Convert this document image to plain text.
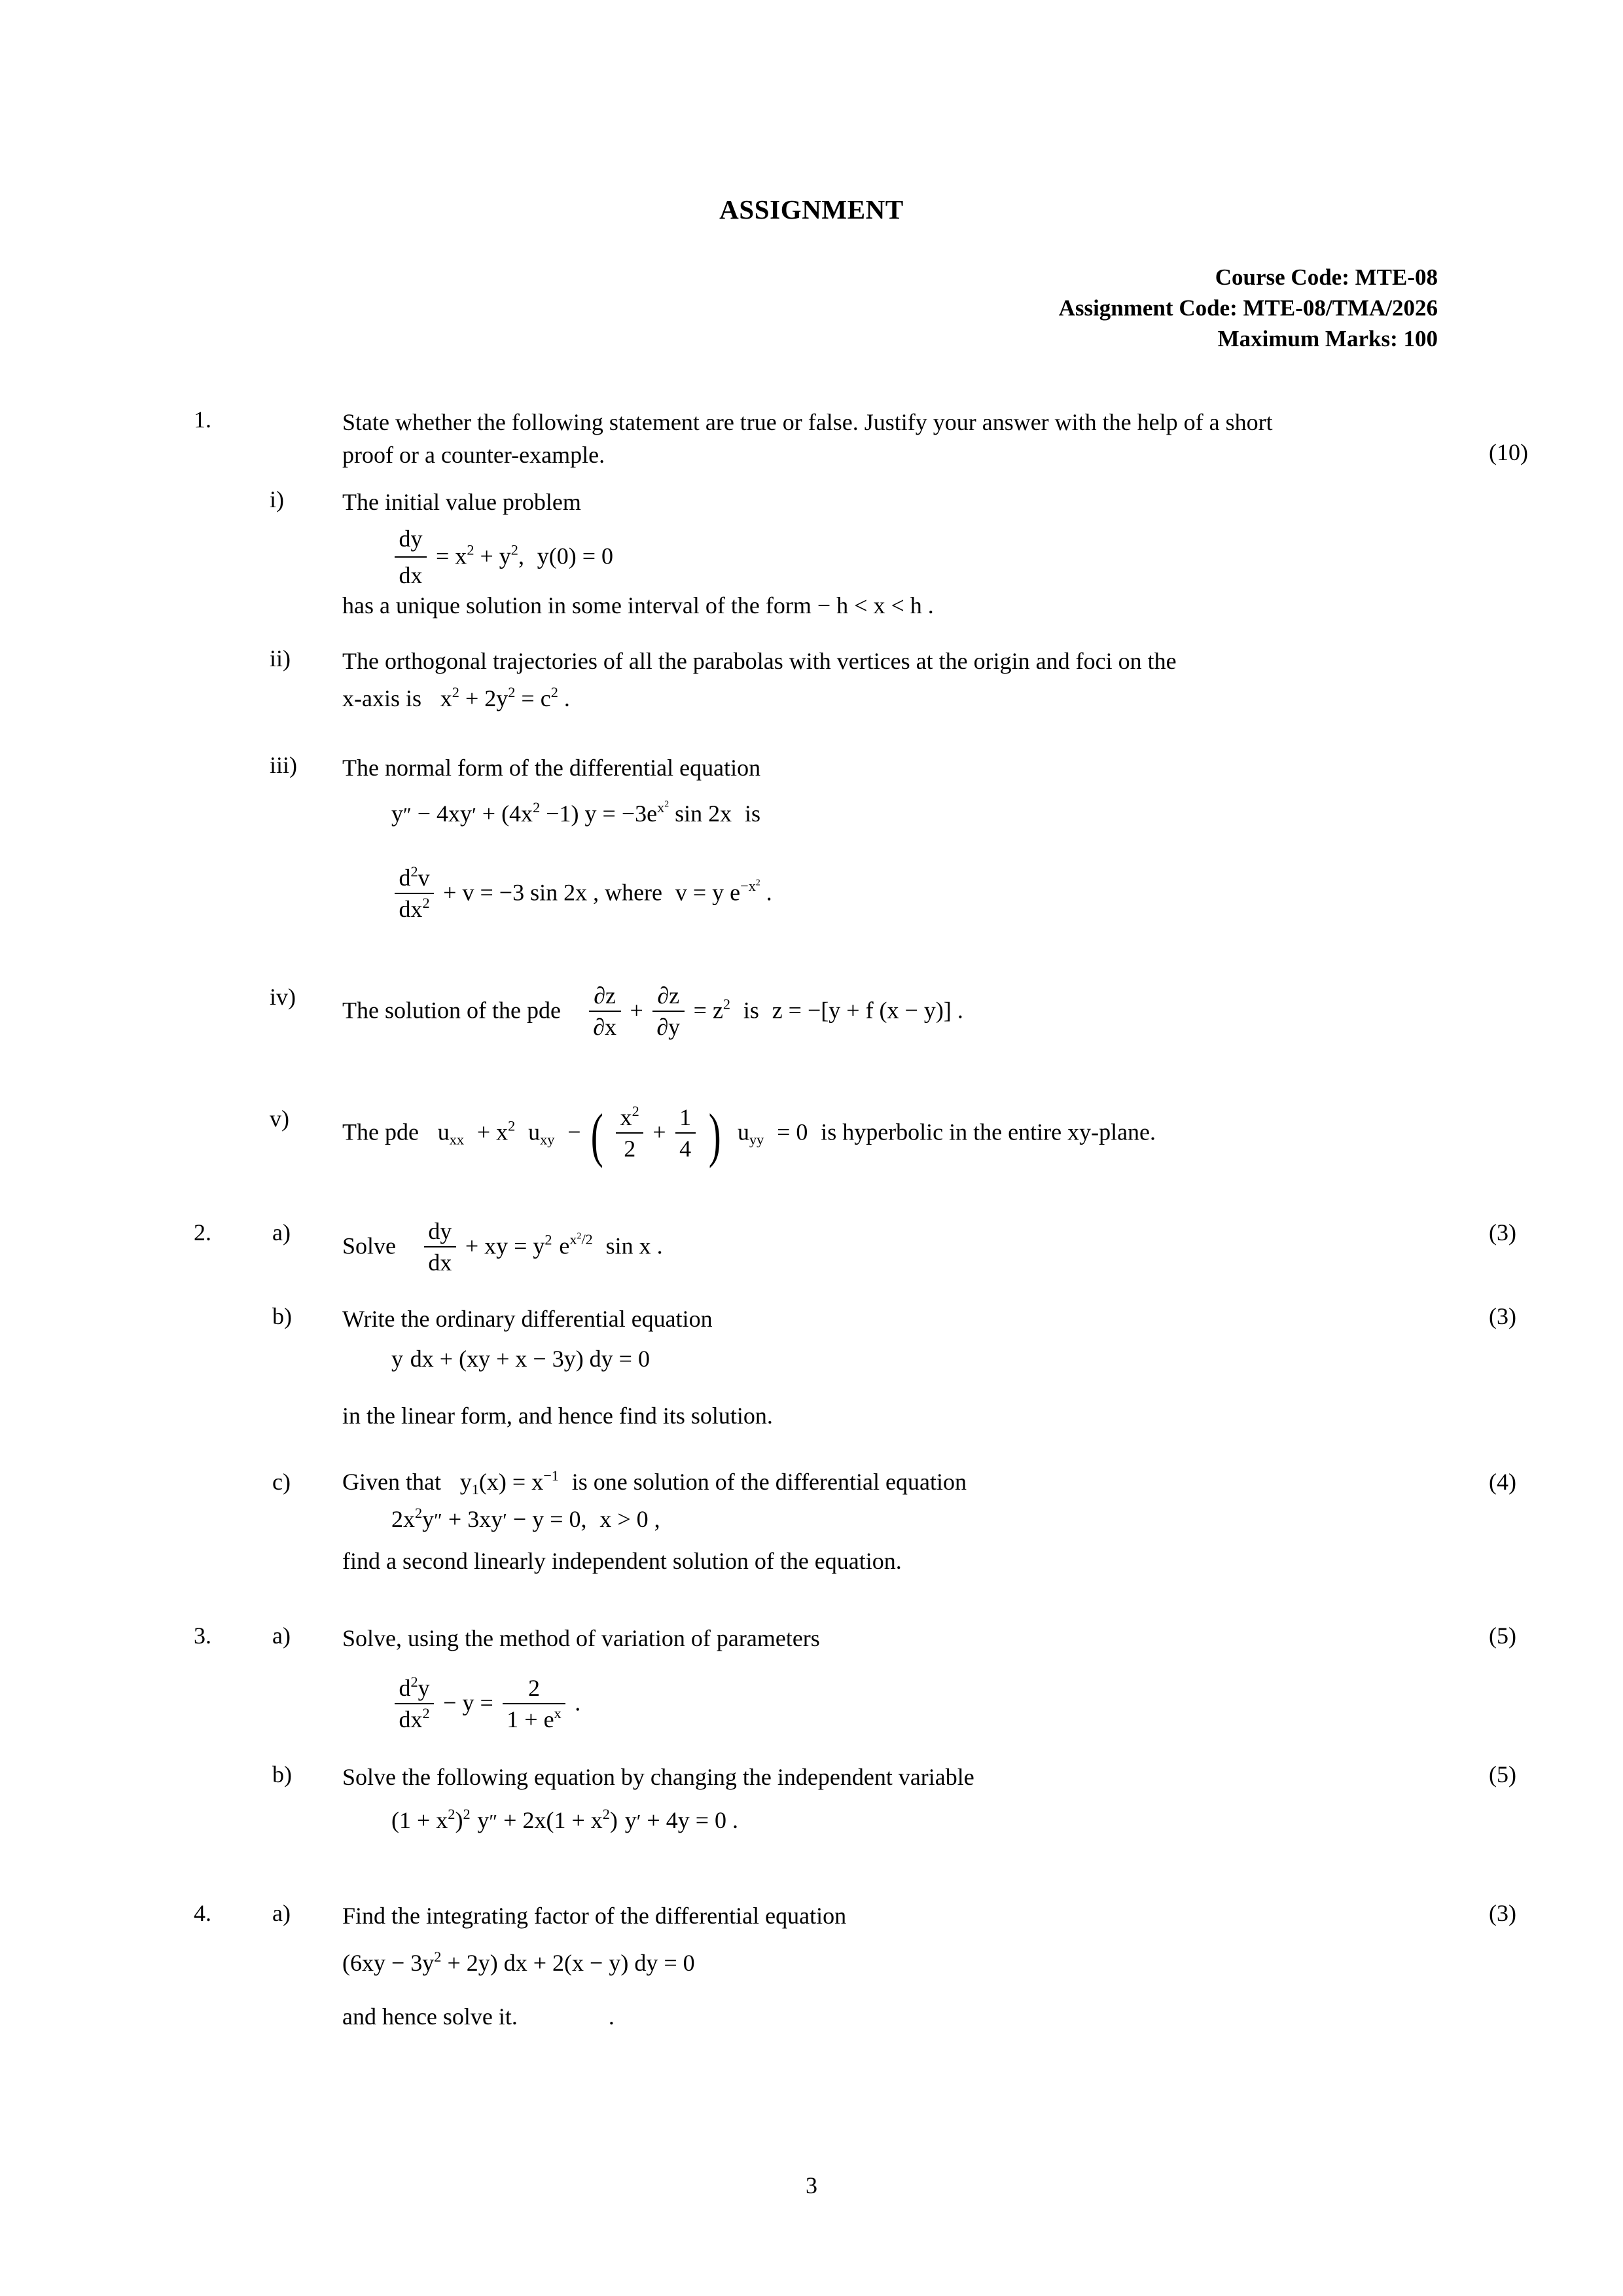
ASSIGNMENT
Course Code: MTE-08
Assignment Code: MTE-08/TMA/2026
Maximum Marks: 100
1.	State whether the following statement are true or false. Justify your answer with the help of a short
proof or a counter-example.	(10)
i) The initial value problem
$\frac{dy}{dx} = x^2 + y^2$, y(0) = 0
has a unique solution in some interval of the form − h < x < h .
ii) The orthogonal trajectories of all the parabolas with vertices at the origin and foci on the
x-axis is $x^2 + 2y^2 = c^2$ .
iii) The normal form of the differential equation
$y'' - 4xy' + (4x^2 -1) y = -3e^{x^2}$ sin 2x is
$\frac{d^2v}{dx^2} + v = -3$ sin 2x , where v = y $e^{-x^2}$ .
iv)
The solution of the pde $\frac{\partial z}{\partial x} + \frac{\partial z}{\partial y} = z^2$ is z = −[y + f (x − y)] .
v)
The pde $u_{xx} + x^2$ $u_{xy}$ − ( $\frac{x^2}{2} + \frac{1}{4}$ ) $u_{yy} = 0$ is hyperbolic in the entire xy-plane.
2.	a)
Solve $\frac{dy}{dx}$ + xy = $y^2$ $e^{x^2/2}$ sin x .
(3)
b) Write the ordinary differential equation	(3)
y dx + (xy + x − 3y) dy = 0
in the linear form, and hence find its solution.
c) Given that $y_1(x) = x^{-1}$ is one solution of the differential equation	(4)
$2x^2y'' + 3xy' - y = 0$, x > 0 ,
find a second linearly independent solution of the equation.
3.	a) Solve, using the method of variation of parameters	(5)
$\frac{d^2y}{dx^2} - y = \frac{2}{1 + e^x}$ .
b) Solve the following equation by changing the independent variable	(5)
$(1 + x^2)^2$ $y'' + 2x(1 + x^2)$ y′ + 4y = 0 .
4.	a) Find the integrating factor of the differential equation	(3)
$(6xy - 3y^2 + 2y)$ dx + 2(x − y) dy = 0
and hence solve it.	.
3
